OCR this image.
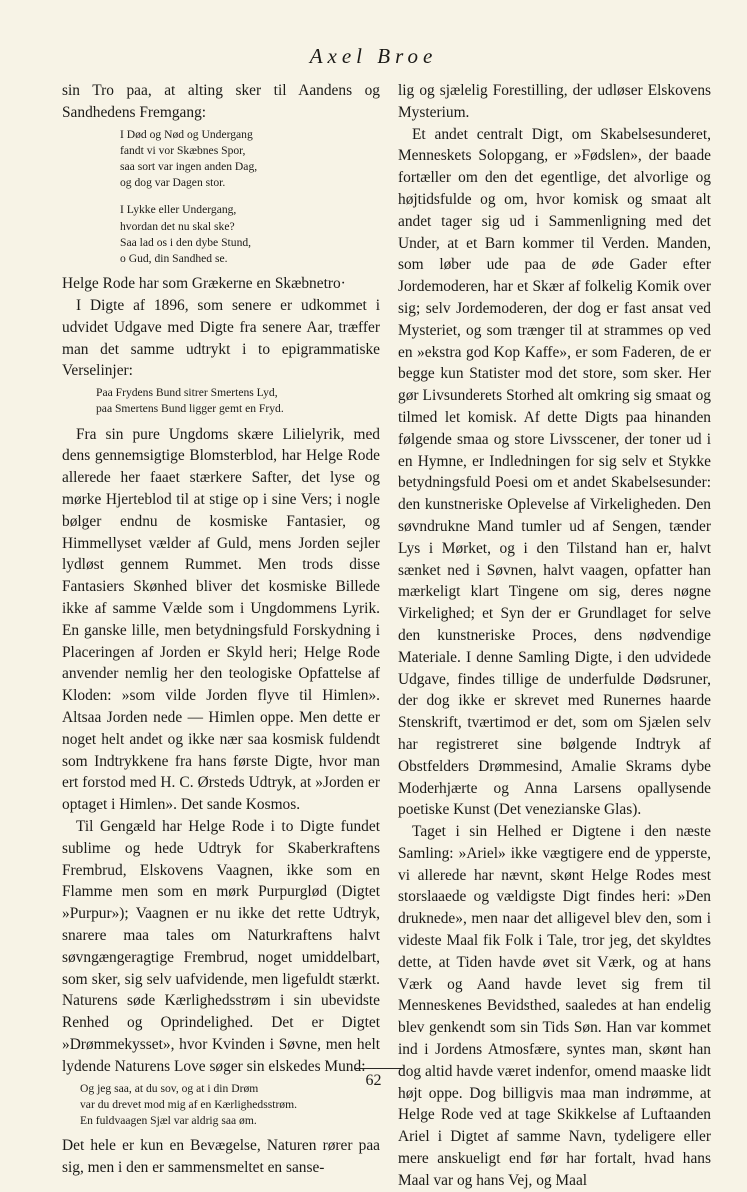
Axel Broe

sin Tro paa, at alting sker til Aandens og Sandhedens Fremgang:

I Død og Nød og Undergang
fandt vi vor Skæbnes Spor,
saa sort var ingen anden Dag,
og dog var Dagen stor.
I Lykke eller Undergang,
hvordan det nu skal ske?
Saa lad os i den dybe Stund,
o Gud, din Sandhed se.

Helge Rode har som Grækerne en Skæbnetro·

I Digte af 1896, som senere er udkommet i udvidet Udgave med Digte fra senere Aar, træffer man det samme udtrykt i to epigrammatiske Verselinjer:

Paa Frydens Bund sitrer Smertens Lyd,
paa Smertens Bund ligger gemt en Fryd.

Fra sin pure Ungdoms skære Lilielyrik, med dens gennemsigtige Blomsterblod, har Helge Rode allerede her faaet stærkere Safter, det lyse og mørke Hjerteblod til at stige op i sine Vers; i nogle bølger endnu de kosmiske Fantasier, og Himmellyset vælder af Guld, mens Jorden sejler lydløst gennem Rummet. Men trods disse Fantasiers Skønhed bliver det kosmiske Billede ikke af samme Vælde som i Ungdommens Lyrik. En ganske lille, men betydningsfuld Forskydning i Placeringen af Jorden er Skyld heri; Helge Rode anvender nemlig her den teologiske Opfattelse af Kloden: »som vilde Jorden flyve til Himlen». Altsaa Jorden nede — Himlen oppe. Men dette er noget helt andet og ikke nær saa kosmisk fuldendt som Indtrykkene fra hans første Digte, hvor man ert forstod med H. C. Ørsteds Udtryk, at »Jorden er optaget i Himlen». Det sande Kosmos.

Til Gengæld har Helge Rode i to Digte fundet sublime og hede Udtryk for Skaberkraftens Frembrud, Elskovens Vaagnen, ikke som en Flamme men som en mørk Purpurglød (Digtet »Purpur»); Vaagnen er nu ikke det rette Udtryk, snarere maa tales om Naturkraftens halvt søvngængeragtige Frembrud, noget umiddelbart, som sker, sig selv uafvidende, men ligefuldt stærkt. Naturens søde Kærlighedsstrøm i sin ubevidste Renhed og Oprindelighed. Det er Digtet »Drømmekysset», hvor Kvinden i Søvne, men helt lydende Naturens Love søger sin elskedes Mund:

Og jeg saa, at du sov, og at i din Drøm
var du drevet mod mig af en Kærlighedsstrøm.
En fuldvaagen Sjæl var aldrig saa øm.

Det hele er kun en Bevægelse, Naturen rører paa sig, men i den er sammensmeltet en sanse-

lig og sjælelig Forestilling, der udløser Elskovens Mysterium.

Et andet centralt Digt, om Skabelsesunderet, Menneskets Solopgang, er »Fødslen», der baade fortæller om den det egentlige, det alvorlige og højtidsfulde og om, hvor komisk og smaat alt andet tager sig ud i Sammenligning med det Under, at et Barn kommer til Verden. Manden, som løber ude paa de øde Gader efter Jordemoderen, har et Skær af folkelig Komik over sig; selv Jordemoderen, der dog er fast ansat ved Mysteriet, og som trænger til at strammes op ved en »ekstra god Kop Kaffe», er som Faderen, de er begge kun Statister mod det store, som sker. Her gør Livsunderets Storhed alt omkring sig smaat og tilmed let komisk. Af dette Digts paa hinanden følgende smaa og store Livsscener, der toner ud i en Hymne, er Indledningen for sig selv et Stykke betydningsfuld Poesi om et andet Skabelsesunder: den kunstneriske Oplevelse af Virkeligheden. Den søvndrukne Mand tumler ud af Sengen, tænder Lys i Mørket, og i den Tilstand han er, halvt sænket ned i Søvnen, halvt vaagen, opfatter han mærkeligt klart Tingene om sig, deres nøgne Virkelighed; et Syn der er Grundlaget for selve den kunstneriske Proces, dens nødvendige Materiale. I denne Samling Digte, i den udvidede Udgave, findes tillige de underfulde Dødsruner, der dog ikke er skrevet med Runernes haarde Stenskrift, tværtimod er det, som om Sjælen selv har registreret sine bølgende Indtryk af Obstfelders Drømmesind, Amalie Skrams dybe Moderhjærte og Anna Larsens opallysende poetiske Kunst (Det venezianske Glas).

Taget i sin Helhed er Digtene i den næste Samling: »Ariel» ikke vægtigere end de ypperste, vi allerede har nævnt, skønt Helge Rodes mest storslaaede og vældigste Digt findes heri: »Den druknede», men naar det alligevel blev den, som i videste Maal fik Folk i Tale, tror jeg, det skyldtes dette, at Tiden havde øvet sit Værk, og at hans Værk og Aand havde levet sig frem til Menneskenes Bevidsthed, saaledes at han endelig blev genkendt som sin Tids Søn. Han var kommet ind i Jordens Atmosfære, syntes man, skønt han dog altid havde været indenfor, omend maaske lidt højt oppe. Dog billigvis maa man indrømme, at Helge Rode ved at tage Skikkelse af Luftaanden Ariel i Digtet af samme Navn, tydeligere eller mere anskueligt end før har fortalt, hvad hans Maal var og hans Vej, og Maal

62
